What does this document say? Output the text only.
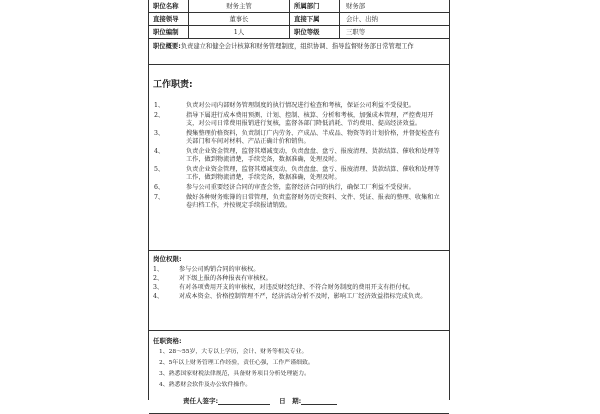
职位名称	财务主管	所属部门	财务部
直接领导	董事长	直接下属	会计、出纳
职位编制	1人	职位等级	三职等
职位概要:负责建立和健全会计核算和财务管理制度，组织协调、指导监督财务部日常管理工作
工作职责:
1、	负责对公司内部财务管理制度的执行情况进行检查和考核，保证公司利益不受侵犯。
2、	指导下属进行成本费用预测、计划、控制、核算、分析和考核，加强成本管理，严控费用开支，对公司日常费用报销进行复核，监督各部门降低消耗、节约费用、提高经济效益。
3、	搜集整理价格资料，负责制订广内劳务、产成品、半成品、物资等的计划价格，并督促检查有关部门和车间对材料、产品正确计价和销售。
4、	负责企业资金管理，监督其增减变动，负责盘盘、盘亏、报废清理、货款结算、催收和处理等工作，做到物流清楚，手续完备，数据准确，处理及时。
5、	负责企业资金管理，监督其增减变动，负责盘盘、盘亏、报废清理、货款结算、催收和处理等工作，做到物流清楚，手续完备，数据准确，处理及时。
6、	参与公司重要经济合同的审查会签，监督经济合同的执行，确保工厂利益不受侵害。
7、	做好各种财务账簿的日常管理，负责监督财务历史资料、文件、凭证、报表的整理、收集和立卷归档工作，并按规定手续报请销毁。
岗位权限:
1、	参与公司购销合同的审核权。
2、	对下级上报的各种报表有审核权。
3、	有对各项费用开支的审核权，对违反财经纪律、不符合财务制度的费用开支有拒付权。
4、	对成本资金、价格控制管理不严，经济活动分析不及时，影响工厂经济效益指标完成负责。
任职资格:
1、28～55岁，大专以上学历，会计、财务等相关专业。
2、5年以上财务管理工作经验，责任心强，工作严谨细致。
3、熟悉国家财税法律规范，具备财务项目分析处理能力。
4、熟悉财会软件及办公软件操作。
责任人签字:	日　期:
